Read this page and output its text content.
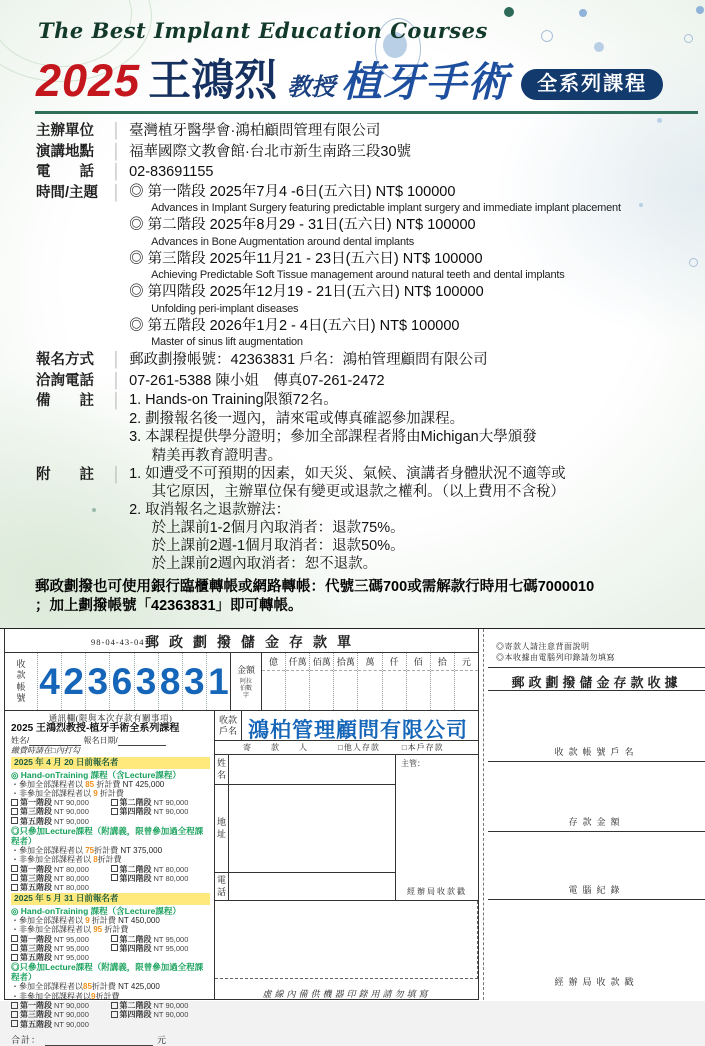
The Best Implant Education Courses
2025 王鴻烈 教授 植牙手術	全系列課程
主辦單位	│ 臺灣植牙醫學會·鴻柏顧問管理有限公司
演講地點	│ 福華國際文教會館·台北市新生南路三段30號
電　　話	│ 02-83691155
時間/主題 │ ◎ 第一階段 2025年7月4 -6日(五六日) NT$ 100000
Advances in Implant Surgery featuring predictable implant surgery and immediate implant placement
◎ 第二階段 2025年8月29 - 31日(五六日) NT$ 100000
Advances in Bone Augmentation around dental implants
◎ 第三階段 2025年11月21 - 23日(五六日) NT$ 100000
Achieving Predictable Soft Tissue management around natural teeth and dental implants
◎ 第四階段 2025年12月19 - 21日(五六日) NT$ 100000
Unfolding peri-implant diseases
◎ 第五階段 2026年1月2 - 4日(五六日) NT$ 100000
Master of sinus lift augmentation
報名方式	│ 郵政劃撥帳號：42363831 戶名：鴻柏管理顧問有限公司
洽詢電話	│ 07-261-5388 陳小姐　傳真07-261-2472
備　　註	│ 1. Hands-on Training限額72名。
2. 劃撥報名後一週內，請來電或傳真確認參加課程。
3. 本課程提供學分證明；參加全部課程者將由Michigan大學頒發
　  精美再教育證明書。
附　　註	│ 1. 如遭受不可預期的因素，如天災、氣候、演講者身體狀況不適等或
　  其它原因，主辦單位保有變更或退款之權利。（以上費用不含稅）
2. 取消報名之退款辦法：
　  於上課前1-2個月內取消者：退款75%。
　  於上課前2週-1個月取消者：退款50%。
　  於上課前2週內取消者：恕不退款。
郵政劃撥也可使用銀行臨櫃轉帳或網路轉帳：代號三碼700或需解款行時用七碼7000010
；加上劃撥帳號「42363831」即可轉帳。
98-04-43-04 郵政劃撥儲金存款單
收款帳號 4 2 3 6 3 8 3 1 金額
阿拉伯數字
億	仟萬 佰萬 拾萬	萬	仟	佰	拾	元
通訊欄(限與本次存款有關事項)
2025 王鴻烈教授-植牙手術全系列課程
姓名/	報名日期/
繳費時請在□內打勾
2025 年 4 月 20 日前報名者
◎ Hand-onTraining 課程（含Lecture課程）
・參加全部課程者以 85 折計費 NT 425,000
・非參加全部課程者以 9 折計費
第一階段 NT 90,000	第二階段 NT 90,000
第三階段 NT 90,000	第四階段 NT 90,000
第五階段 NT 90,000
◎只參加Lecture課程（附講義，限曾參加過全程課程者）
・參加全部課程者以 75折計費 NT 375,000
・非參加全部課程者以 8折計費
第一階段 NT 80,000	第二階段 NT 80,000
第三階段 NT 80,000	第四階段 NT 80,000
第五階段 NT 80,000
2025 年 5 月 31 日前報名者
◎ Hand-onTraining 課程（含Lecture課程）
・參加全部課程者以 9 折計費 NT 450,000
・非參加全部課程者以 95 折計費
第一階段 NT 95,000	第二階段 NT 95,000
第三階段 NT 95,000	第四階段 NT 95,000
第五階段 NT 95,000
◎只參加Lecture課程（附講義，限曾參加過全程課程者）
・參加全部課程者以85折計費 NT 425,000
・非參加全部課程者以9折計費
第一階段 NT 90,000	第二階段 NT 90,000
第三階段 NT 90,000	第四階段 NT 90,000
第五階段 NT 90,000
合計：	元
收款戶名 鴻柏管理顧問有限公司
寄 款 人	□他人存款	□本戶存款
姓名
地址
電話
主管：
經辦局收款戳
虛線內備供機器印錄用請勿填寫
◎寄款人請注意背面說明
◎本收據由電腦列印錄請勿填寫
郵政劃撥儲金存款收據
收款帳號戶名
存款金額
電腦紀錄
經辦局收款戳
